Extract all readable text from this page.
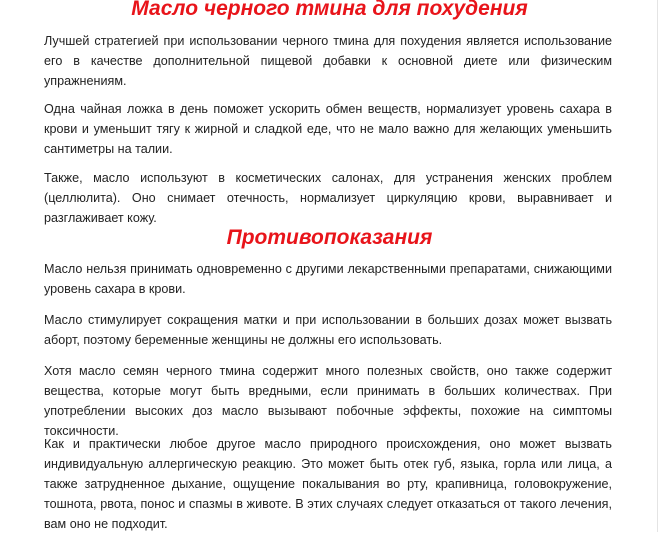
Масло черного тмина для похудения

Лучшей стратегией при использовании черного тмина для похудения является использование его в качестве дополнительной пищевой добавки к основной диете или физическим упражнениям.

Одна чайная ложка в день поможет ускорить обмен веществ, нормализует уровень сахара в крови и уменьшит тягу к жирной и сладкой еде, что не мало важно для желающих уменьшить сантиметры на талии.

Также, масло используют в косметических салонах, для устранения женских проблем (целлюлита). Оно снимает отечность, нормализует циркуляцию крови, выравнивает и разглаживает кожу.

Противопоказания

Масло нельзя принимать одновременно с другими лекарственными препаратами, снижающими уровень сахара в крови.

Масло стимулирует сокращения матки и при использовании в больших дозах может вызвать аборт, поэтому беременные женщины не должны его использовать.

Хотя масло семян черного тмина содержит много полезных свойств, оно также содержит вещества, которые могут быть вредными, если принимать в больших количествах. При употреблении высоких доз масло вызывают побочные эффекты, похожие на симптомы токсичности.

Как и практически любое другое масло природного происхождения, оно может вызвать индивидуальную аллергическую реакцию. Это может быть отек губ, языка, горла или лица, а также затрудненное дыхание, ощущение покалывания во рту, крапивница, головокружение, тошнота, рвота, понос и спазмы в животе. В этих случаях следует отказаться от такого лечения, вам оно не подходит.
